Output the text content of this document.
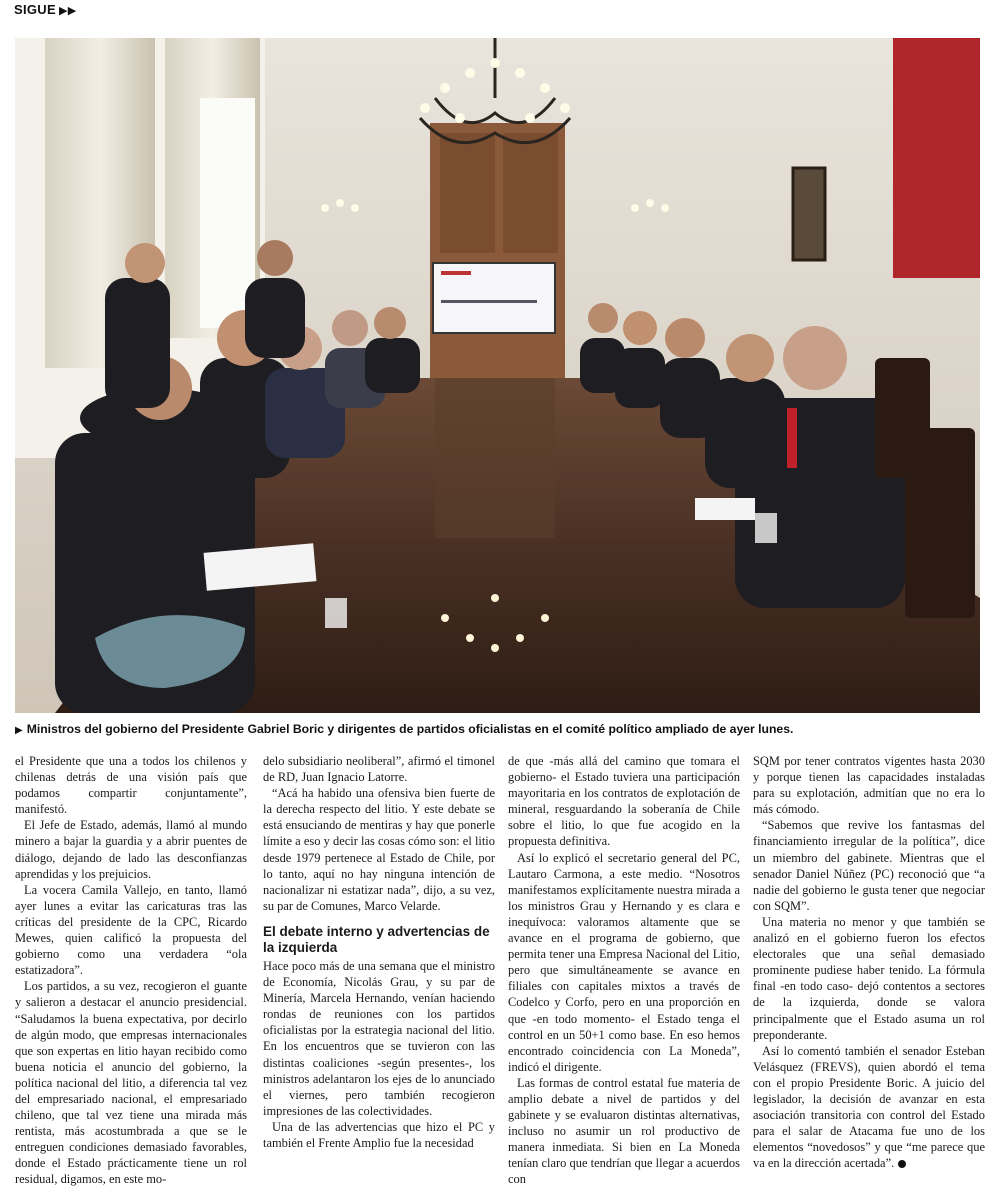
SIGUE ▶▶
▶ Ministros del gobierno del Presidente Gabriel Boric y dirigentes de partidos oficialistas en el comité político ampliado de ayer lunes.

el Presidente que una a todos los chilenos y chilenas detrás de una visión país que podamos compartir conjuntamente”, manifestó.

El Jefe de Estado, además, llamó al mundo minero a bajar la guardia y a abrir puentes de diálogo, dejando de lado las desconfianzas aprendidas y los prejuicios.

La vocera Camila Vallejo, en tanto, llamó ayer lunes a evitar las caricaturas tras las críticas del presidente de la CPC, Ricardo Mewes, quien calificó la propuesta del gobierno como una verdadera “ola estatizadora”.

Los partidos, a su vez, recogieron el guante y salieron a destacar el anuncio presidencial. “Saludamos la buena expectativa, por decirlo de algún modo, que empresas internacionales que son expertas en litio hayan recibido como buena noticia el anuncio del gobierno, la política nacional del litio, a diferencia tal vez del empresariado nacional, el empresariado chileno, que tal vez tiene una mirada más rentista, más acostumbrada a que se le entreguen condiciones demasiado favorables, donde el Estado prácticamente tiene un rol residual, digamos, en este mo-

delo subsidiario neoliberal”, afirmó el timonel de RD, Juan Ignacio Latorre.

“Acá ha habido una ofensiva bien fuerte de la derecha respecto del litio. Y este debate se está ensuciando de mentiras y hay que ponerle límite a eso y decir las cosas cómo son: el litio desde 1979 pertenece al Estado de Chile, por lo tanto, aquí no hay ninguna intención de nacionalizar ni estatizar nada”, dijo, a su vez, su par de Comunes, Marco Velarde.

El debate interno y advertencias de la izquierda

Hace poco más de una semana que el ministro de Economía, Nicolás Grau, y su par de Minería, Marcela Hernando, venían haciendo rondas de reuniones con los partidos oficialistas por la estrategia nacional del litio. En los encuentros que se tuvieron con las distintas coaliciones -según presentes-, los ministros adelantaron los ejes de lo anunciado el viernes, pero también recogieron impresiones de las colectividades.

Una de las advertencias que hizo el PC y también el Frente Amplio fue la necesidad

de que -más allá del camino que tomara el gobierno- el Estado tuviera una participación mayoritaria en los contratos de explotación de mineral, resguardando la soberanía de Chile sobre el litio, lo que fue acogido en la propuesta definitiva.

Así lo explicó el secretario general del PC, Lautaro Carmona, a este medio. “Nosotros manifestamos explícitamente nuestra mirada a los ministros Grau y Hernando y es clara e inequívoca: valoramos altamente que se avance en el programa de gobierno, que permita tener una Empresa Nacional del Litio, pero que simultáneamente se avance en filiales con capitales mixtos a través de Codelco y Corfo, pero en una proporción en que -en todo momento- el Estado tenga el control en un 50+1 como base. En eso hemos encontrado coincidencia con La Moneda”, indicó el dirigente.

Las formas de control estatal fue materia de amplio debate a nivel de partidos y del gabinete y se evaluaron distintas alternativas, incluso no asumir un rol productivo de manera inmediata. Si bien en La Moneda tenían claro que tendrían que llegar a acuerdos con

SQM por tener contratos vigentes hasta 2030 y porque tienen las capacidades instaladas para su explotación, admitían que no era lo más cómodo.

“Sabemos que revive los fantasmas del financiamiento irregular de la política”, dice un miembro del gabinete. Mientras que el senador Daniel Núñez (PC) reconoció que “a nadie del gobierno le gusta tener que negociar con SQM”.

Una materia no menor y que también se analizó en el gobierno fueron los efectos electorales que una señal demasiado prominente pudiese haber tenido. La fórmula final -en todo caso- dejó contentos a sectores de la izquierda, donde se valora principalmente que el Estado asuma un rol preponderante.

Así lo comentó también el senador Esteban Velásquez (FREVS), quien abordó el tema con el propio Presidente Boric. A juicio del legislador, la decisión de avanzar en esta asociación transitoria con control del Estado para el salar de Atacama fue uno de los elementos “novedosos” y que “me parece que va en la dirección acertada”.
